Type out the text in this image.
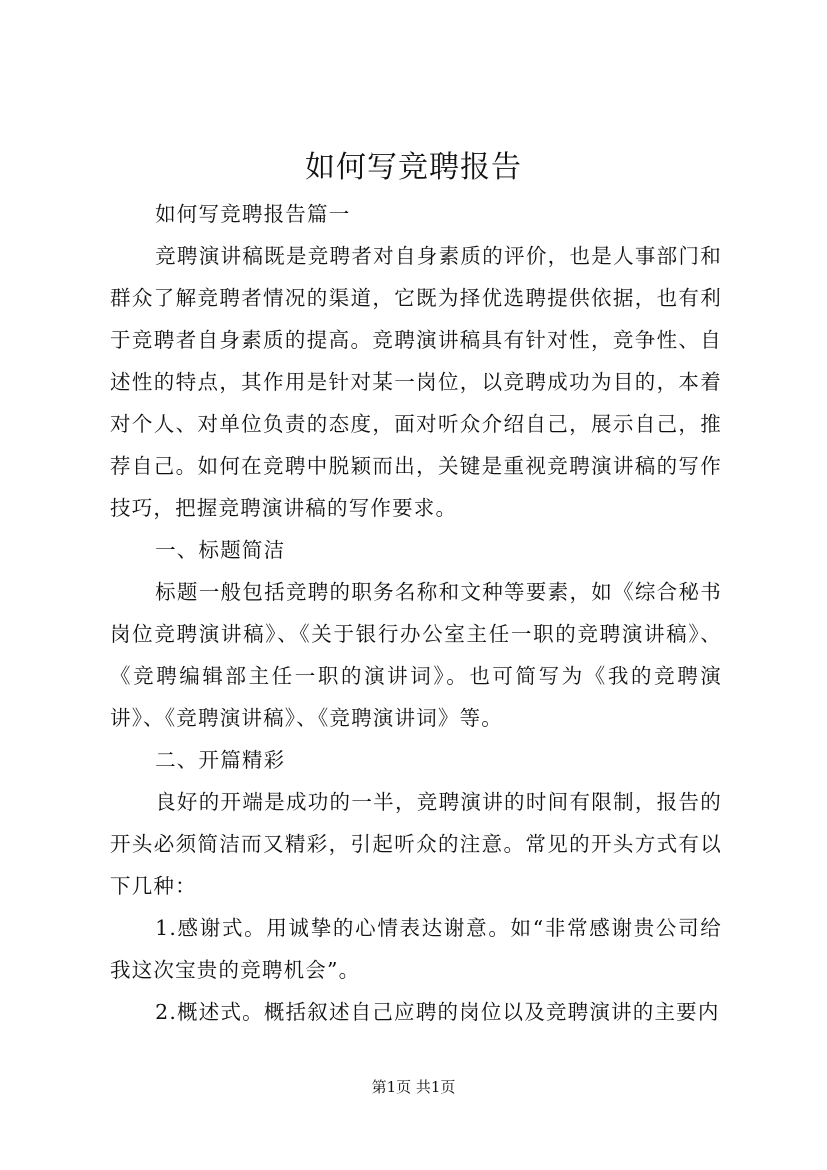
如何写竞聘报告

如何写竞聘报告篇一

竞聘演讲稿既是竞聘者对自身素质的评价，也是人事部门和群众了解竞聘者情况的渠道，它既为择优选聘提供依据，也有利于竞聘者自身素质的提高。竞聘演讲稿具有针对性，竞争性、自述性的特点，其作用是针对某一岗位，以竞聘成功为目的，本着对个人、对单位负责的态度，面对听众介绍自己，展示自己，推荐自己。如何在竞聘中脱颖而出，关键是重视竞聘演讲稿的写作技巧，把握竞聘演讲稿的写作要求。

一、标题简洁

标题一般包括竞聘的职务名称和文种等要素，如《综合秘书岗位竞聘演讲稿》、《关于银行办公室主任一职的竞聘演讲稿》、《竞聘编辑部主任一职的演讲词》。也可简写为《我的竞聘演讲》、《竞聘演讲稿》、《竞聘演讲词》等。

二、开篇精彩

良好的开端是成功的一半，竞聘演讲的时间有限制，报告的开头必须简洁而又精彩，引起听众的注意。常见的开头方式有以下几种：

1.感谢式。用诚挚的心情表达谢意。如“非常感谢贵公司给我这次宝贵的竞聘机会”。

2.概述式。概括叙述自己应聘的岗位以及竞聘演讲的主要内

第1页 共1页
